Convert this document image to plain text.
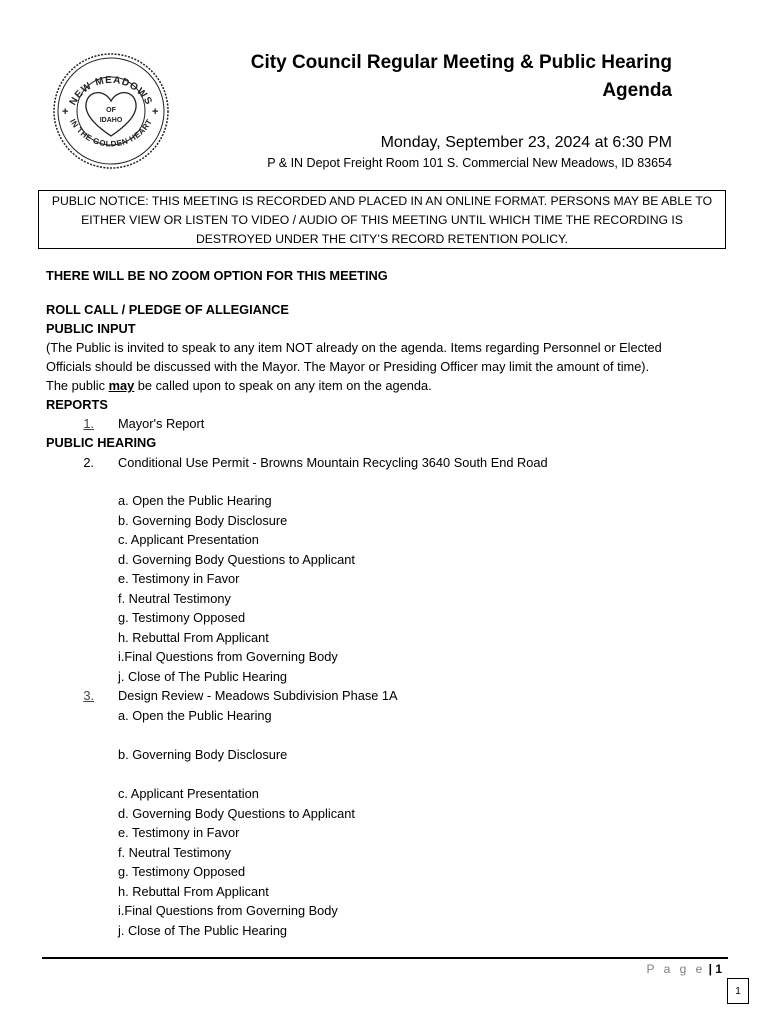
NEW MEADOWS
IN THE GOLDEN HEART
+	+
OF
IDAHO
City Council Regular Meeting & Public Hearing
Agenda
Monday, September 23, 2024 at 6:30 PM
P & IN Depot Freight Room 101 S. Commercial New Meadows, ID 83654
PUBLIC NOTICE: THIS MEETING IS RECORDED AND PLACED IN AN ONLINE FORMAT. PERSONS MAY BE ABLE TO
EITHER VIEW OR LISTEN TO VIDEO / AUDIO OF THIS MEETING UNTIL WHICH TIME THE RECORDING IS
DESTROYED UNDER THE CITY’S RECORD RETENTION POLICY.
THERE WILL BE NO ZOOM OPTION FOR THIS MEETING
ROLL CALL / PLEDGE OF ALLEGIANCE
PUBLIC INPUT
(The Public is invited to speak to any item NOT already on the agenda. Items regarding Personnel or Elected
Officials should be discussed with the Mayor. The Mayor or Presiding Officer may limit the amount of time).
The public may be called upon to speak on any item on the agenda.
REPORTS
1. Mayor's Report
PUBLIC HEARING
2. Conditional Use Permit - Browns Mountain Recycling 3640 South End Road
a. Open the Public Hearing
b. Governing Body Disclosure
c. Applicant Presentation
d. Governing Body Questions to Applicant
e. Testimony in Favor
f. Neutral Testimony
g. Testimony Opposed
h. Rebuttal From Applicant
i.Final Questions from Governing Body
j. Close of The Public Hearing
3. Design Review - Meadows Subdivision Phase 1A
a. Open the Public Hearing
b. Governing Body Disclosure
c. Applicant Presentation
d. Governing Body Questions to Applicant
e. Testimony in Favor
f. Neutral Testimony
g. Testimony Opposed
h. Rebuttal From Applicant
i.Final Questions from Governing Body
j. Close of The Public Hearing
P a g e | 1
1
